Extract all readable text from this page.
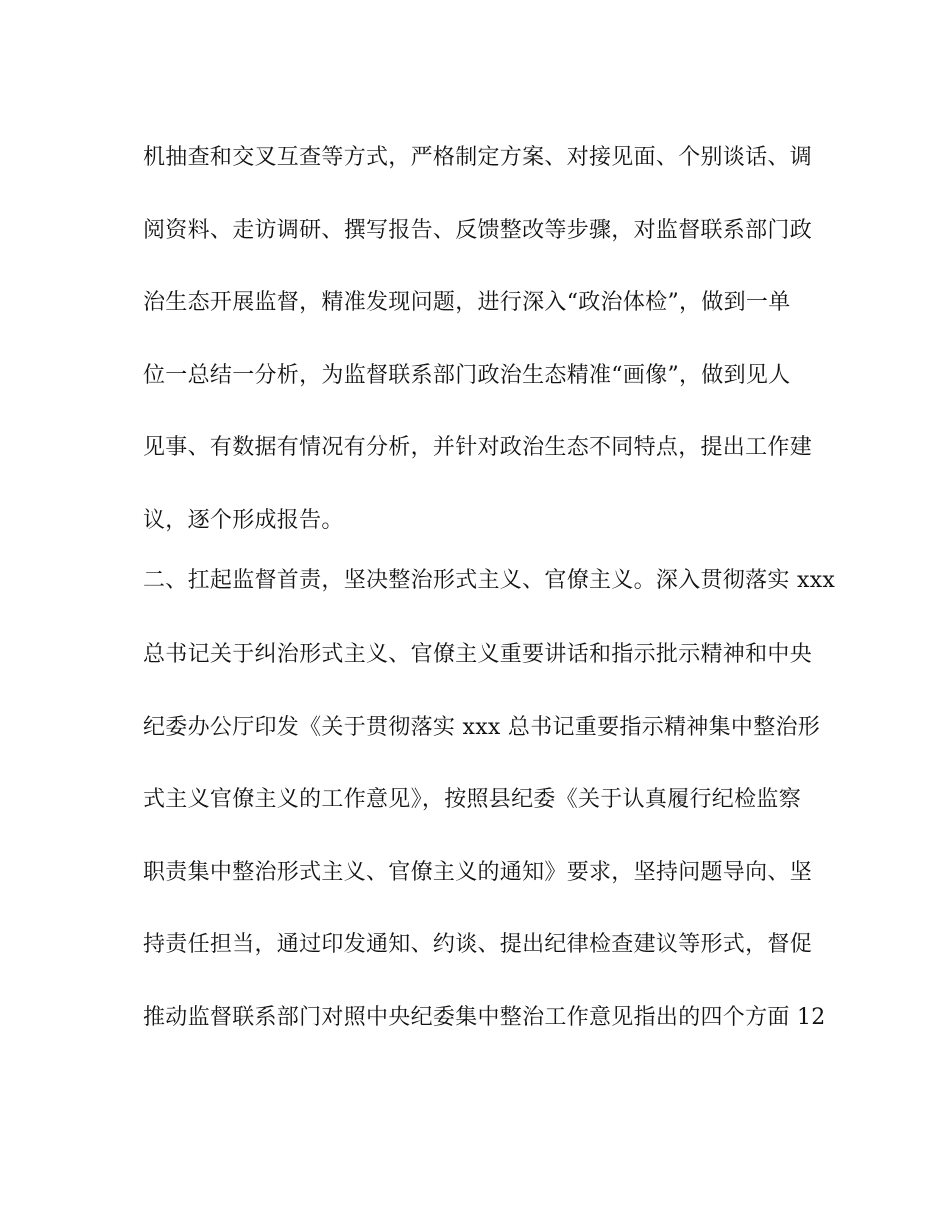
机抽查和交叉互查等方式，严格制定方案、对接见面、个别谈话、调

阅资料、走访调研、撰写报告、反馈整改等步骤，对监督联系部门政

治生态开展监督，精准发现问题，进行深入“政治体检”，做到一单

位一总结一分析，为监督联系部门政治生态精准“画像”，做到见人

见事、有数据有情况有分析，并针对政治生态不同特点，提出工作建

议，逐个形成报告。

二、扛起监督首责，坚决整治形式主义、官僚主义。深入贯彻落实 xxx

总书记关于纠治形式主义、官僚主义重要讲话和指示批示精神和中央

纪委办公厅印发《关于贯彻落实 xxx 总书记重要指示精神集中整治形

式主义官僚主义的工作意见》，按照县纪委《关于认真履行纪检监察

职责集中整治形式主义、官僚主义的通知》要求，坚持问题导向、坚

持责任担当，通过印发通知、约谈、提出纪律检查建议等形式，督促

推动监督联系部门对照中央纪委集中整治工作意见指出的四个方面 12
